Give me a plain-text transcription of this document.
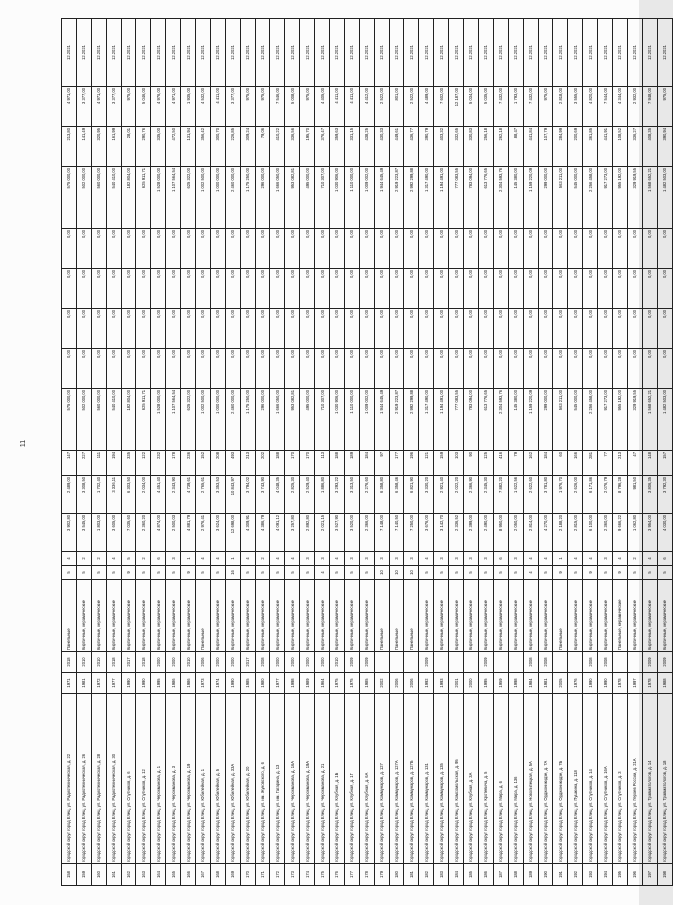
11
158	городской округ город Елец, ул. Радиотехническая, д. 22	1971	2018	Панельные	5	4	3 902,80	2 489,00	147	575 000,00	0,00	0,00	0,00	0,00	575 000,00	213,80	4 971,00	12.2021
159	городской округ город Елец, ул. Радиотехническая, д. 26	1981	2010	Кирпичные, керамические	5	2	3 545,00	3 308,50	227	502 000,00	0,00	0,00	0,00	0,00	502 000,00	141,49	3 377,00	12.2021
160	городской округ город Елец, ул. Радиотехническая, д. 28	1972	2010	Кирпичные, керамические	5	2	1 803,00	1 702,40	111	560 000,00	0,00	0,00	0,00	0,00	560 000,00	320,95	4 971,00	12.2021
161	городской округ город Елец, ул. Радиотехническая, д. 30	1977	2018	Кирпичные, керамические	5	4	3 605,00	3 336,11	194	540 410,00	0,00	0,00	0,00	0,00	540 410,00	161,99	3 377,00	12.2021
162	городской округ город Елец, ул. Спутников, д. 6	1990	2017	Кирпичные, керамические	9	5	7 035,60	6 303,50	335	182 804,00	0,00	0,00	0,00	0,00	182 804,00	28,01	975,00	12.2021
163	городской округ город Елец, ул. Спутников, д. 12	1990	2018	Кирпичные, керамические	5	2	2 360,20	2 034,00	122	625 911,71	0,00	0,00	0,00	0,00	625 911,71	290,76	5 046,00	12.2021
164	городской округ город Елец, ул. Черокманова, д. 1	1995	2000	Кирпичные, керамические	5	6	4 874,00	4 451,40	232	1 528 000,00	0,00	0,00	0,00	0,00	1 528 000,00	335,00	4 976,00	12.2021
165	городской округ город Елец, ул. Черокманова, д. 3	1986	2000	Кирпичные, керамические	5	3	2 500,03	2 343,90	178	1 107 564,54	0,00	0,00	0,00	0,00	1 107 564,54	472,50	4 971,00	12.2021
166	городской округ город Елец, ул. Черокманова, д. 19	1986	2010	Кирпичные, керамические	9	1	4 881,79	4 739,61	236	625 322,00	0,00	0,00	0,00	0,00	625 322,00	131,94	1 935,00	12.2021
167	городской округ город Елец, ул. Юбилейная, д. 1	1973	2006	Панельные	5	4	2 976,41	2 765,61	152	1 002 500,00	0,00	0,00	0,00	0,00	1 002 500,00	356,42	4 532,00	12.2021
168	городской округ город Елец, ул. Юбилейная, д. 5	1974	2000	Кирпичные, керамические	5	4	3 624,00	3 353,53	208	1 000 000,00	0,00	0,00	0,00	0,00	1 000 000,00	300,70	4 411,00	12.2021
169	городской округ город Елец, ул. Юбилейная, д. 33А	1990	2000	Кирпичные, керамические	16	1	12 698,00	10 843,97	493	2 460 000,00	0,00	0,00	0,00	0,00	2 460 000,00	226,85	3 377,00	12.2021
170	городской округ город Елец, ул. Юбилейная, д. 20	1985	2017	Кирпичные, керамические	5	4	4 309,91	3 794,02	213	1 175 250,00	0,00	0,00	0,00	0,00	1 175 250,00	309,24	975,00	12.2021
171	городской округ город Елец, ул. им. Жуковского, д. 6	1980	2008	Кирпичные, керамические	5	2	4 386,79	3 743,90	202	296 000,00	0,00	0,00	0,00	0,00	296 000,00	79,06	975,00	12.2021
172	городской округ город Елец, ул. им. Гагарина, д. 13	1977	2000	Кирпичные, керамические	5	4	4 091,12	4 048,35	188	1 666 050,00	0,00	0,00	0,00	0,00	1 666 050,00	410,22	7 546,00	12.2021
173	городской округ город Елец, ул. Черокманова, д. 16А	1998	2000	Кирпичные, керамические	5	4	3 257,80	2 825,30	170	953 082,81	0,00	0,00	0,00	0,00	953 082,81	336,56	5 008,00	12.2021
174	городской округ город Елец, ул. Черокманова, д. 19А	1989	2000	Кирпичные, керамические	5	3	2 892,80	2 529,40	170	495 000,00	0,00	0,00	0,00	0,00	495 000,00	195,70	975,00	12.2021
175	городской округ город Елец, ул. Черокманова, д. 21	1964	2000	Кирпичные, керамические	4	3	2 021,15	1 886,80	113	710 307,00	0,00	0,00	0,00	0,00	710 307,00	376,47	4 405,00	12.2021
176	городской округ город Елец, ул. Клубная, д. 1Б	1975	2010	Кирпичные, керамические	5	4	3 527,90	3 293,22	188	1 030 906,00	0,00	0,00	0,00	0,00	1 030 906,00	359,63	4 411,00	12.2021
177	городской округ город Елец, ул. Клубная, д. 1Г	1975	2009	Кирпичные, керамические	5	3	3 520,00	3 313,50	189	1 110 000,00	0,00	0,00	0,00	0,00	1 110 000,00	331,15	4 411,00	12.2021
178	городской округ город Елец, ул. Клубная, д. 6А	1985	2009	Кирпичные, керамические	5	3	2 366,00	2 276,60	184	1 009 002,00	0,00	0,00	0,00	0,00	1 009 002,00	438,25	4 412,00	12.2021
179	городской округ город Елец, ул. Коммунаров, д. 127	2002		Панельные	10	3	7 148,00	6 358,80	97	1 944 645,49	0,00	0,00	0,00	0,00	1 944 645,49	430,33	2 522,00	12.2021
180	городской округ город Елец, ул. Коммунаров, д. 127А	2006		Панельные	10	3	7 140,50	6 358,46	177	2 919 223,87	0,00	0,00	0,00	0,00	2 919 223,87	449,61	801,00	12.2021
181	городской округ город Елец, ул. Коммунаров, д. 127Б	2006		Панельные	10	3	7 250,00	6 821,90	196	2 992 299,88	0,00	0,00	0,00	0,00	2 992 299,88	436,77	2 522,00	12.2021
182	городской округ город Елец, ул. Коммунаров, д. 131	1992	2009	Кирпичные, керамические	5	4	3 676,00	3 330,20	121	1 317 490,00	0,00	0,00	0,00	0,00	1 317 490,00	390,79	4 489,00	12.2021
183	городской округ город Елец, ул. Коммунаров, д. 135	1993		Кирпичные, керамические	5	3	3 142,70	2 921,40	159	1 194 491,00	0,00	0,00	0,00	0,00	1 194 491,00	403,32	7 602,00	12.2021
184	городской округ город Елец, ул. Комсомольская, д. 95	2001		Кирпичные, керамические	5	3	2 336,52	2 022,20	103	777 083,55	0,00	0,00	0,00	0,00	777 083,55	332,65	12 187,00	12.2021
185	городской округ город Елец, ул. Клубная, д. 3А	2000		Кирпичные, керамические	5	3	2 399,00	2 366,90	90	783 094,00	0,00	0,00	0,00	0,00	783 094,00	330,83	5 034,00	12.2021
186	городской округ город Елец, ул. Кротевича, д. 5	1995	2009	Кирпичные, керамические	5	3	2 490,00	2 345,30	125	613 776,65	0,00	0,00	0,00	0,00	613 776,65	256,18	5 035,00	12.2021
187	городской округ город Елец, ул. Мира, д. 6	1959		Кирпичные, керамические	5	6	8 950,00	7 882,20	416	2 304 593,76	0,00	0,00	0,00	0,00	2 304 593,76	262,18	7 432,00	12.2021
188	городской округ город Елец, ул. Мира, д. 136	1998		Кирпичные, керамические	5	3	2 050,00	1 622,56	79	145 380,00	0,00	0,00	0,00	0,00	145 380,00	88,47	1 793,00	12.2021
189	городской округ город Елец, ул. Новолипецкая, д. 5А	1984	2008	Кирпичные, керамические	4	4	2 814,00	2 622,60	162	1 159 220,09	0,00	0,00	0,00	0,00	1 159 220,09	441,84	7 432,00	12.2021
190	городской округ город Елец, ул. Орджоникидзе, д. 7А	1981	2008	Кирпичные, керамические	5	4	4 270,00	3 781,80	184	299 000,00	0,00	0,00	0,00	0,00	299 000,00	107,79	975,00	12.2021
191	городской округ город Елец, ул. Орджоникидзе, д. 7Б	2005		Панельные	9	1	2 188,20	1 976,70	60	563 211,00	0,00	0,00	0,00	0,00	563 211,00	284,99	2 818,00	12.2021
192	городской округ город Елец, ул. Пушкина, д. 118	1976		Кирпичные, керамические	5	4	2 815,00	2 626,00	166	545 000,00	0,00	0,00	0,00	0,00	545 000,00	200,69	3 555,00	12.2021
193	городской округ город Елец, ул. Спутников, д. 14	1990	2008	Кирпичные, керамические	9	4	6 100,00	6 171,86	281	2 256 458,00	0,00	0,00	0,00	0,00	2 256 458,00	361,85	4 820,00	12.2021
194	городской округ город Елец, ул. Спутников, д. 16А	1990	2008	Кирпичные, керамические	5	3	2 360,00	2 076,79	77	917 273,00	0,00	0,00	0,00	0,00	917 273,00	441,91	7 544,00	12.2021
195	городской округ город Елец, ул. Спутников, д. 3	1978		Панельные, керамические	9	4	9 666,22	8 796,28	213	955 192,00	0,00	0,00	0,00	0,00	955 192,00	108,52	4 344,00	12.2021
196	городской округ город Елец, ул. Героев России, д. 21А	1997		Кирпичные, керамические	5	2	1 062,80	981,50	47	329 919,55	0,00	0,00	0,00	0,00	329 919,55	336,27	2 932,00	12.2021
197	городской округ город Елец, ул. Травматологов, д. 14	1978	2009	Кирпичные, керамические	5	4	3 954,00	3 806,35	148	1 568 652,21	0,00	0,00	0,00	0,00	1 568 652,21	408,35	7 948,00	12.2021
198	городской округ город Елец, ул. Травматологов, д. 18	1988	2009	Кирпичные, керамические	5	6	4 030,00	3 792,30	157	1 482 503,00	0,00	0,00	0,00	0,00	1 482 503,00	390,94	975,00	12.2021
